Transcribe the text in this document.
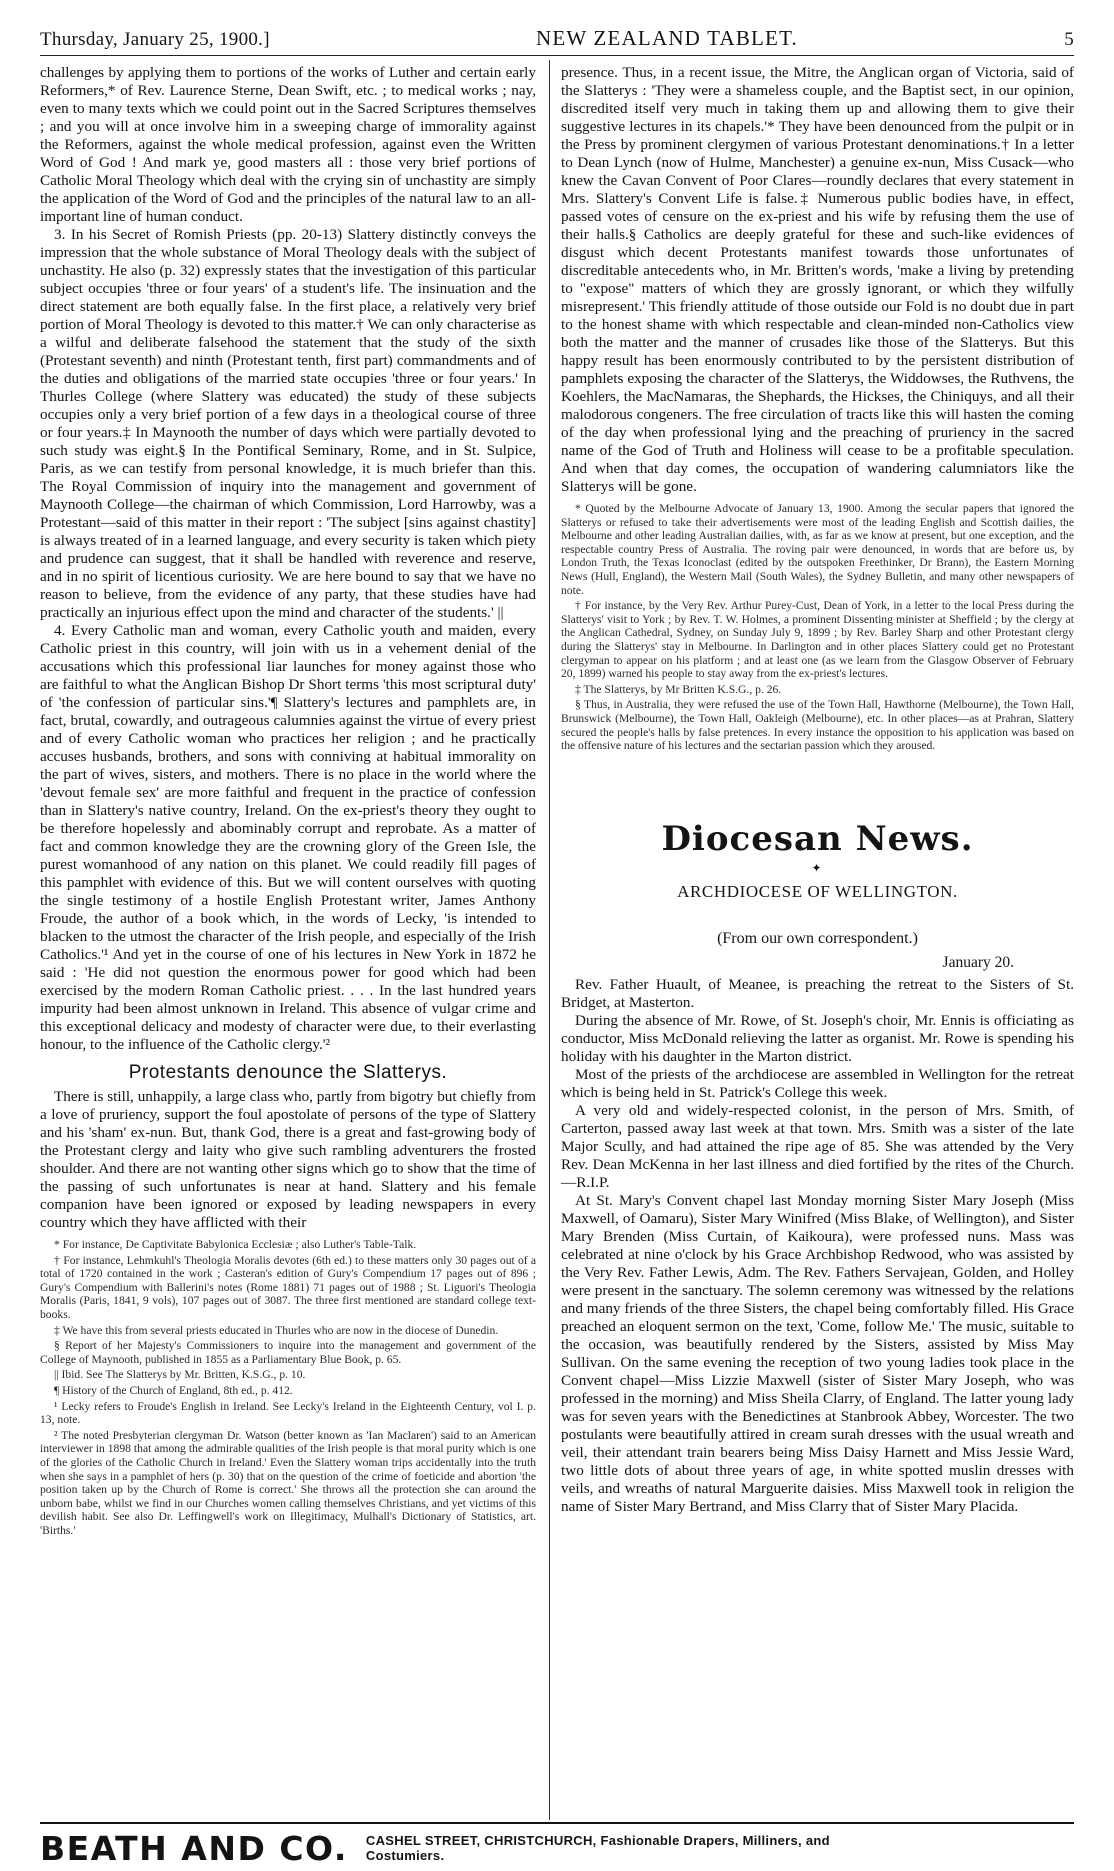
Thursday, January 25, 1900.]	NEW ZEALAND TABLET.	5

challenges by applying them to portions of the works of Luther and certain early Reformers,* of Rev. Laurence Sterne, Dean Swift, etc. ; to medical works ; nay, even to many texts which we could point out in the Sacred Scriptures themselves ; and you will at once involve him in a sweeping charge of immorality against the Reformers, against the whole medical profession, against even the Written Word of God ! And mark ye, good masters all : those very brief portions of Catholic Moral Theology which deal with the crying sin of unchastity are simply the application of the Word of God and the principles of the natural law to an all-important line of human conduct.

3. In his Secret of Romish Priests (pp. 20-13) Slattery distinctly conveys the impression that the whole substance of Moral Theology deals with the subject of unchastity. He also (p. 32) expressly states that the investigation of this particular subject occupies 'three or four years' of a student's life. The insinuation and the direct statement are both equally false. In the first place, a relatively very brief portion of Moral Theology is devoted to this matter.† We can only characterise as a wilful and deliberate falsehood the statement that the study of the sixth (Protestant seventh) and ninth (Protestant tenth, first part) commandments and of the duties and obligations of the married state occupies 'three or four years.' In Thurles College (where Slattery was educated) the study of these subjects occupies only a very brief portion of a few days in a theological course of three or four years.‡ In Maynooth the number of days which were partially devoted to such study was eight.§ In the Pontifical Seminary, Rome, and in St. Sulpice, Paris, as we can testify from personal knowledge, it is much briefer than this. The Royal Commission of inquiry into the management and government of Maynooth College—the chairman of which Commission, Lord Harrowby, was a Protestant—said of this matter in their report : 'The subject [sins against chastity] is always treated of in a learned language, and every security is taken which piety and prudence can suggest, that it shall be handled with reverence and reserve, and in no spirit of licentious curiosity. We are here bound to say that we have no reason to believe, from the evidence of any party, that these studies have had practically an injurious effect upon the mind and character of the students.' ||

4. Every Catholic man and woman, every Catholic youth and maiden, every Catholic priest in this country, will join with us in a vehement denial of the accusations which this professional liar launches for money against those who are faithful to what the Anglican Bishop Dr Short terms 'this most scriptural duty' of 'the confession of particular sins.'¶ Slattery's lectures and pamphlets are, in fact, brutal, cowardly, and outrageous calumnies against the virtue of every priest and of every Catholic woman who practices her religion ; and he practically accuses husbands, brothers, and sons with conniving at habitual immorality on the part of wives, sisters, and mothers. There is no place in the world where the 'devout female sex' are more faithful and frequent in the practice of confession than in Slattery's native country, Ireland. On the ex-priest's theory they ought to be therefore hopelessly and abominably corrupt and reprobate. As a matter of fact and common knowledge they are the crowning glory of the Green Isle, the purest womanhood of any nation on this planet. We could readily fill pages of this pamphlet with evidence of this. But we will content ourselves with quoting the single testimony of a hostile English Protestant writer, James Anthony Froude, the author of a book which, in the words of Lecky, 'is intended to blacken to the utmost the character of the Irish people, and especially of the Irish Catholics.'¹ And yet in the course of one of his lectures in New York in 1872 he said : 'He did not question the enormous power for good which had been exercised by the modern Roman Catholic priest. . . . In the last hundred years impurity had been almost unknown in Ireland. This absence of vulgar crime and this exceptional delicacy and modesty of character were due, to their everlasting honour, to the influence of the Catholic clergy.'²

Protestants denounce the Slatterys.

There is still, unhappily, a large class who, partly from bigotry but chiefly from a love of pruriency, support the foul apostolate of persons of the type of Slattery and his 'sham' ex-nun. But, thank God, there is a great and fast-growing body of the Protestant clergy and laity who give such rambling adventurers the frosted shoulder. And there are not wanting other signs which go to show that the time of the passing of such unfortunates is near at hand. Slattery and his female companion have been ignored or exposed by leading newspapers in every country which they have afflicted with their

* For instance, De Captivitate Babylonica Ecclesiæ ; also Luther's Table-Talk.

† For instance, Lehmkuhl's Theologia Moralis devotes (6th ed.) to these matters only 30 pages out of a total of 1720 contained in the work ; Casteran's edition of Gury's Compendium 17 pages out of 896 ; Gury's Compendium with Ballerini's notes (Rome 1881) 71 pages out of 1988 ; St. Liguori's Theologia Moralis (Paris, 1841, 9 vols), 107 pages out of 3087. The three first mentioned are standard college text-books.

‡ We have this from several priests educated in Thurles who are now in the diocese of Dunedin.

§ Report of her Majesty's Commissioners to inquire into the management and government of the College of Maynooth, published in 1855 as a Parliamentary Blue Book, p. 65.

|| Ibid. See The Slatterys by Mr. Britten, K.S.G., p. 10.

¶ History of the Church of England, 8th ed., p. 412.

¹ Lecky refers to Froude's English in Ireland. See Lecky's Ireland in the Eighteenth Century, vol I. p. 13, note.

² The noted Presbyterian clergyman Dr. Watson (better known as 'Ian Maclaren') said to an American interviewer in 1898 that among the admirable qualities of the Irish people is that moral purity which is one of the glories of the Catholic Church in Ireland.' Even the Slattery woman trips accidentally into the truth when she says in a pamphlet of hers (p. 30) that on the question of the crime of foeticide and abortion 'the position taken up by the Church of Rome is correct.' She throws all the protection she can around the unborn babe, whilst we find in our Churches women calling themselves Christians, and yet victims of this devilish habit. See also Dr. Leffingwell's work on Illegitimacy, Mulhall's Dictionary of Statistics, art. 'Births.'

presence. Thus, in a recent issue, the Mitre, the Anglican organ of Victoria, said of the Slatterys : 'They were a shameless couple, and the Baptist sect, in our opinion, discredited itself very much in taking them up and allowing them to give their suggestive lectures in its chapels.'* They have been denounced from the pulpit or in the Press by prominent clergymen of various Protestant denominations.† In a letter to Dean Lynch (now of Hulme, Manchester) a genuine ex-nun, Miss Cusack—who knew the Cavan Convent of Poor Clares—roundly declares that every statement in Mrs. Slattery's Convent Life is false.‡ Numerous public bodies have, in effect, passed votes of censure on the ex-priest and his wife by refusing them the use of their halls.§ Catholics are deeply grateful for these and such-like evidences of disgust which decent Protestants manifest towards those unfortunates of discreditable antecedents who, in Mr. Britten's words, 'make a living by pretending to "expose" matters of which they are grossly ignorant, or which they wilfully misrepresent.' This friendly attitude of those outside our Fold is no doubt due in part to the honest shame with which respectable and clean-minded non-Catholics view both the matter and the manner of crusades like those of the Slatterys. But this happy result has been enormously contributed to by the persistent distribution of pamphlets exposing the character of the Slatterys, the Widdowses, the Ruthvens, the Koehlers, the MacNamaras, the Shephards, the Hickses, the Chiniquys, and all their malodorous congeners. The free circulation of tracts like this will hasten the coming of the day when professional lying and the preaching of pruriency in the sacred name of the God of Truth and Holiness will cease to be a profitable speculation. And when that day comes, the occupation of wandering calumniators like the Slatterys will be gone.

* Quoted by the Melbourne Advocate of January 13, 1900. Among the secular papers that ignored the Slatterys or refused to take their advertisements were most of the leading English and Scottish dailies, the Melbourne and other leading Australian dailies, with, as far as we know at present, but one exception, and the respectable country Press of Australia. The roving pair were denounced, in words that are before us, by London Truth, the Texas Iconoclast (edited by the outspoken Freethinker, Dr Brann), the Eastern Morning News (Hull, England), the Western Mail (South Wales), the Sydney Bulletin, and many other newspapers of note.

† For instance, by the Very Rev. Arthur Purey-Cust, Dean of York, in a letter to the local Press during the Slatterys' visit to York ; by Rev. T. W. Holmes, a prominent Dissenting minister at Sheffield ; by the clergy at the Anglican Cathedral, Sydney, on Sunday July 9, 1899 ; by Rev. Barley Sharp and other Protestant clergy during the Slatterys' stay in Melbourne. In Darlington and in other places Slattery could get no Protestant clergyman to appear on his platform ; and at least one (as we learn from the Glasgow Observer of February 20, 1899) warned his people to stay away from the ex-priest's lectures.

‡ The Slatterys, by Mr Britten K.S.G., p. 26.

§ Thus, in Australia, they were refused the use of the Town Hall, Hawthorne (Melbourne), the Town Hall, Brunswick (Melbourne), the Town Hall, Oakleigh (Melbourne), etc. In other places—as at Prahran, Slattery secured the people's halls by false pretences. In every instance the opposition to his application was based on the offensive nature of his lectures and the sectarian passion which they aroused.

Diocesan News.
✦
ARCHDIOCESE OF WELLINGTON.
(From our own correspondent.)
January 20.

Rev. Father Huault, of Meanee, is preaching the retreat to the Sisters of St. Bridget, at Masterton.

During the absence of Mr. Rowe, of St. Joseph's choir, Mr. Ennis is officiating as conductor, Miss McDonald relieving the latter as organist. Mr. Rowe is spending his holiday with his daughter in the Marton district.

Most of the priests of the archdiocese are assembled in Wellington for the retreat which is being held in St. Patrick's College this week.

A very old and widely-respected colonist, in the person of Mrs. Smith, of Carterton, passed away last week at that town. Mrs. Smith was a sister of the late Major Scully, and had attained the ripe age of 85. She was attended by the Very Rev. Dean McKenna in her last illness and died fortified by the rites of the Church.—R.I.P.

At St. Mary's Convent chapel last Monday morning Sister Mary Joseph (Miss Maxwell, of Oamaru), Sister Mary Winifred (Miss Blake, of Wellington), and Sister Mary Brenden (Miss Curtain, of Kaikoura), were professed nuns. Mass was celebrated at nine o'clock by his Grace Archbishop Redwood, who was assisted by the Very Rev. Father Lewis, Adm. The Rev. Fathers Servajean, Golden, and Holley were present in the sanctuary. The solemn ceremony was witnessed by the relations and many friends of the three Sisters, the chapel being comfortably filled. His Grace preached an eloquent sermon on the text, 'Come, follow Me.' The music, suitable to the occasion, was beautifully rendered by the Sisters, assisted by Miss May Sullivan. On the same evening the reception of two young ladies took place in the Convent chapel—Miss Lizzie Maxwell (sister of Sister Mary Joseph, who was professed in the morning) and Miss Sheila Clarry, of England. The latter young lady was for seven years with the Benedictines at Stanbrook Abbey, Worcester. The two postulants were beautifully attired in cream surah dresses with the usual wreath and veil, their attendant train bearers being Miss Daisy Harnett and Miss Jessie Ward, two little dots of about three years of age, in white spotted muslin dresses with veils, and wreaths of natural Marguerite daisies. Miss Maxwell took in religion the name of Sister Mary Bertrand, and Miss Clarry that of Sister Mary Placida.

BEATH AND CO. CASHEL STREET, CHRISTCHURCH, Fashionable Drapers, Milliners, and
Costumiers.
